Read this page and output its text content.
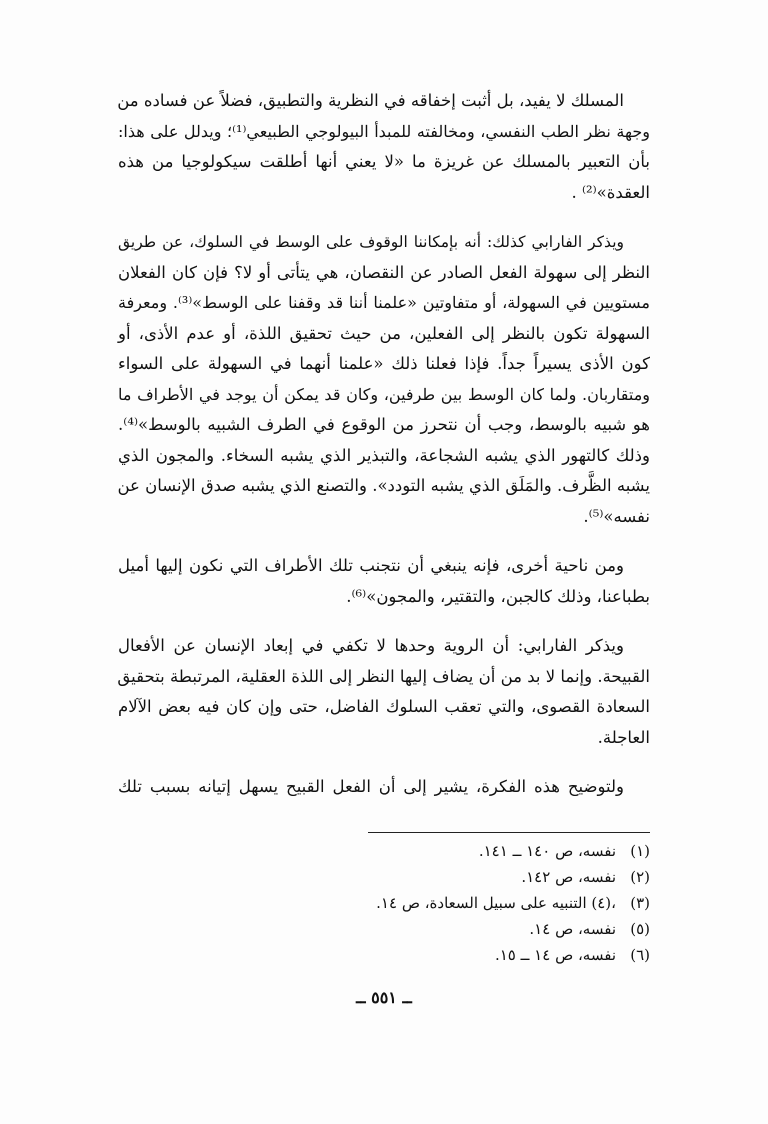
المسلك لا يفيد، بل أثبت إخفاقه في النظرية والتطبيق، فضلاً عن فساده من
وجهة نظر الطب النفسي، ومخالفته للمبدأ البيولوجي الطبيعي⁽¹⁾؛ ويدلل على هذا:
بأن التعبير بالمسلك عن غريزة ما «لا يعني أنها أطلقت سيكولوجيا من هذه
العقدة»⁽²⁾ .

ويذكر الفارابي كذلك: أنه بإمكاننا الوقوف على الوسط في السلوك، عن طريق
النظر إلى سهولة الفعل الصادر عن النقصان، هي يتأتى أو لا؟ فإن كان الفعلان
مستويين في السهولة، أو متفاوتين «علمنا أننا قد وقفنا على الوسط»⁽³⁾. ومعرفة
السهولة تكون بالنظر إلى الفعلين، من حيث تحقيق اللذة، أو عدم الأذى، أو
كون الأذى يسيراً جداً. فإذا فعلنا ذلك «علمنا أنهما في السهولة على السواء
ومتقاربان. ولما كان الوسط بين طرفين، وكان قد يمكن أن يوجد في الأطراف ما
هو شبيه بالوسط، وجب أن نتحرز من الوقوع في الطرف الشبيه بالوسط»⁽⁴⁾.
وذلك كالتهور الذي يشبه الشجاعة، والتبذير الذي يشبه السخاء. والمجون الذي
يشبه الظَّرف. والمَلَق الذي يشبه التودد». والتصنع الذي يشبه صدق الإنسان عن
نفسه»⁽⁵⁾.

ومن ناحية أخرى، فإنه ينبغي أن نتجنب تلك الأطراف التي نكون إليها أميل
بطباعنا، وذلك كالجبن، والتقتير، والمجون»⁽⁶⁾.

ويذكر الفارابي: أن الروية وحدها لا تكفي في إبعاد الإنسان عن الأفعال
القبيحة. وإنما لا بد من أن يضاف إليها النظر إلى اللذة العقلية، المرتبطة بتحقيق
السعادة القصوى، والتي تعقب السلوك الفاضل، حتى وإن كان فيه بعض الآلام
العاجلة.

ولتوضيح هذه الفكرة، يشير إلى أن الفعل القبيح يسهل إتيانه بسبب تلك

(١)
نفسه، ص ١٤٠ ــ ١٤١.
(٢)
نفسه، ص ١٤٢.
(٣)
،(٤) التنبيه على سبيل السعادة، ص ١٤.
(٥)
نفسه، ص ١٤.
(٦)
نفسه، ص ١٤ ــ ١٥.
ــ ٥٥١ ــ
